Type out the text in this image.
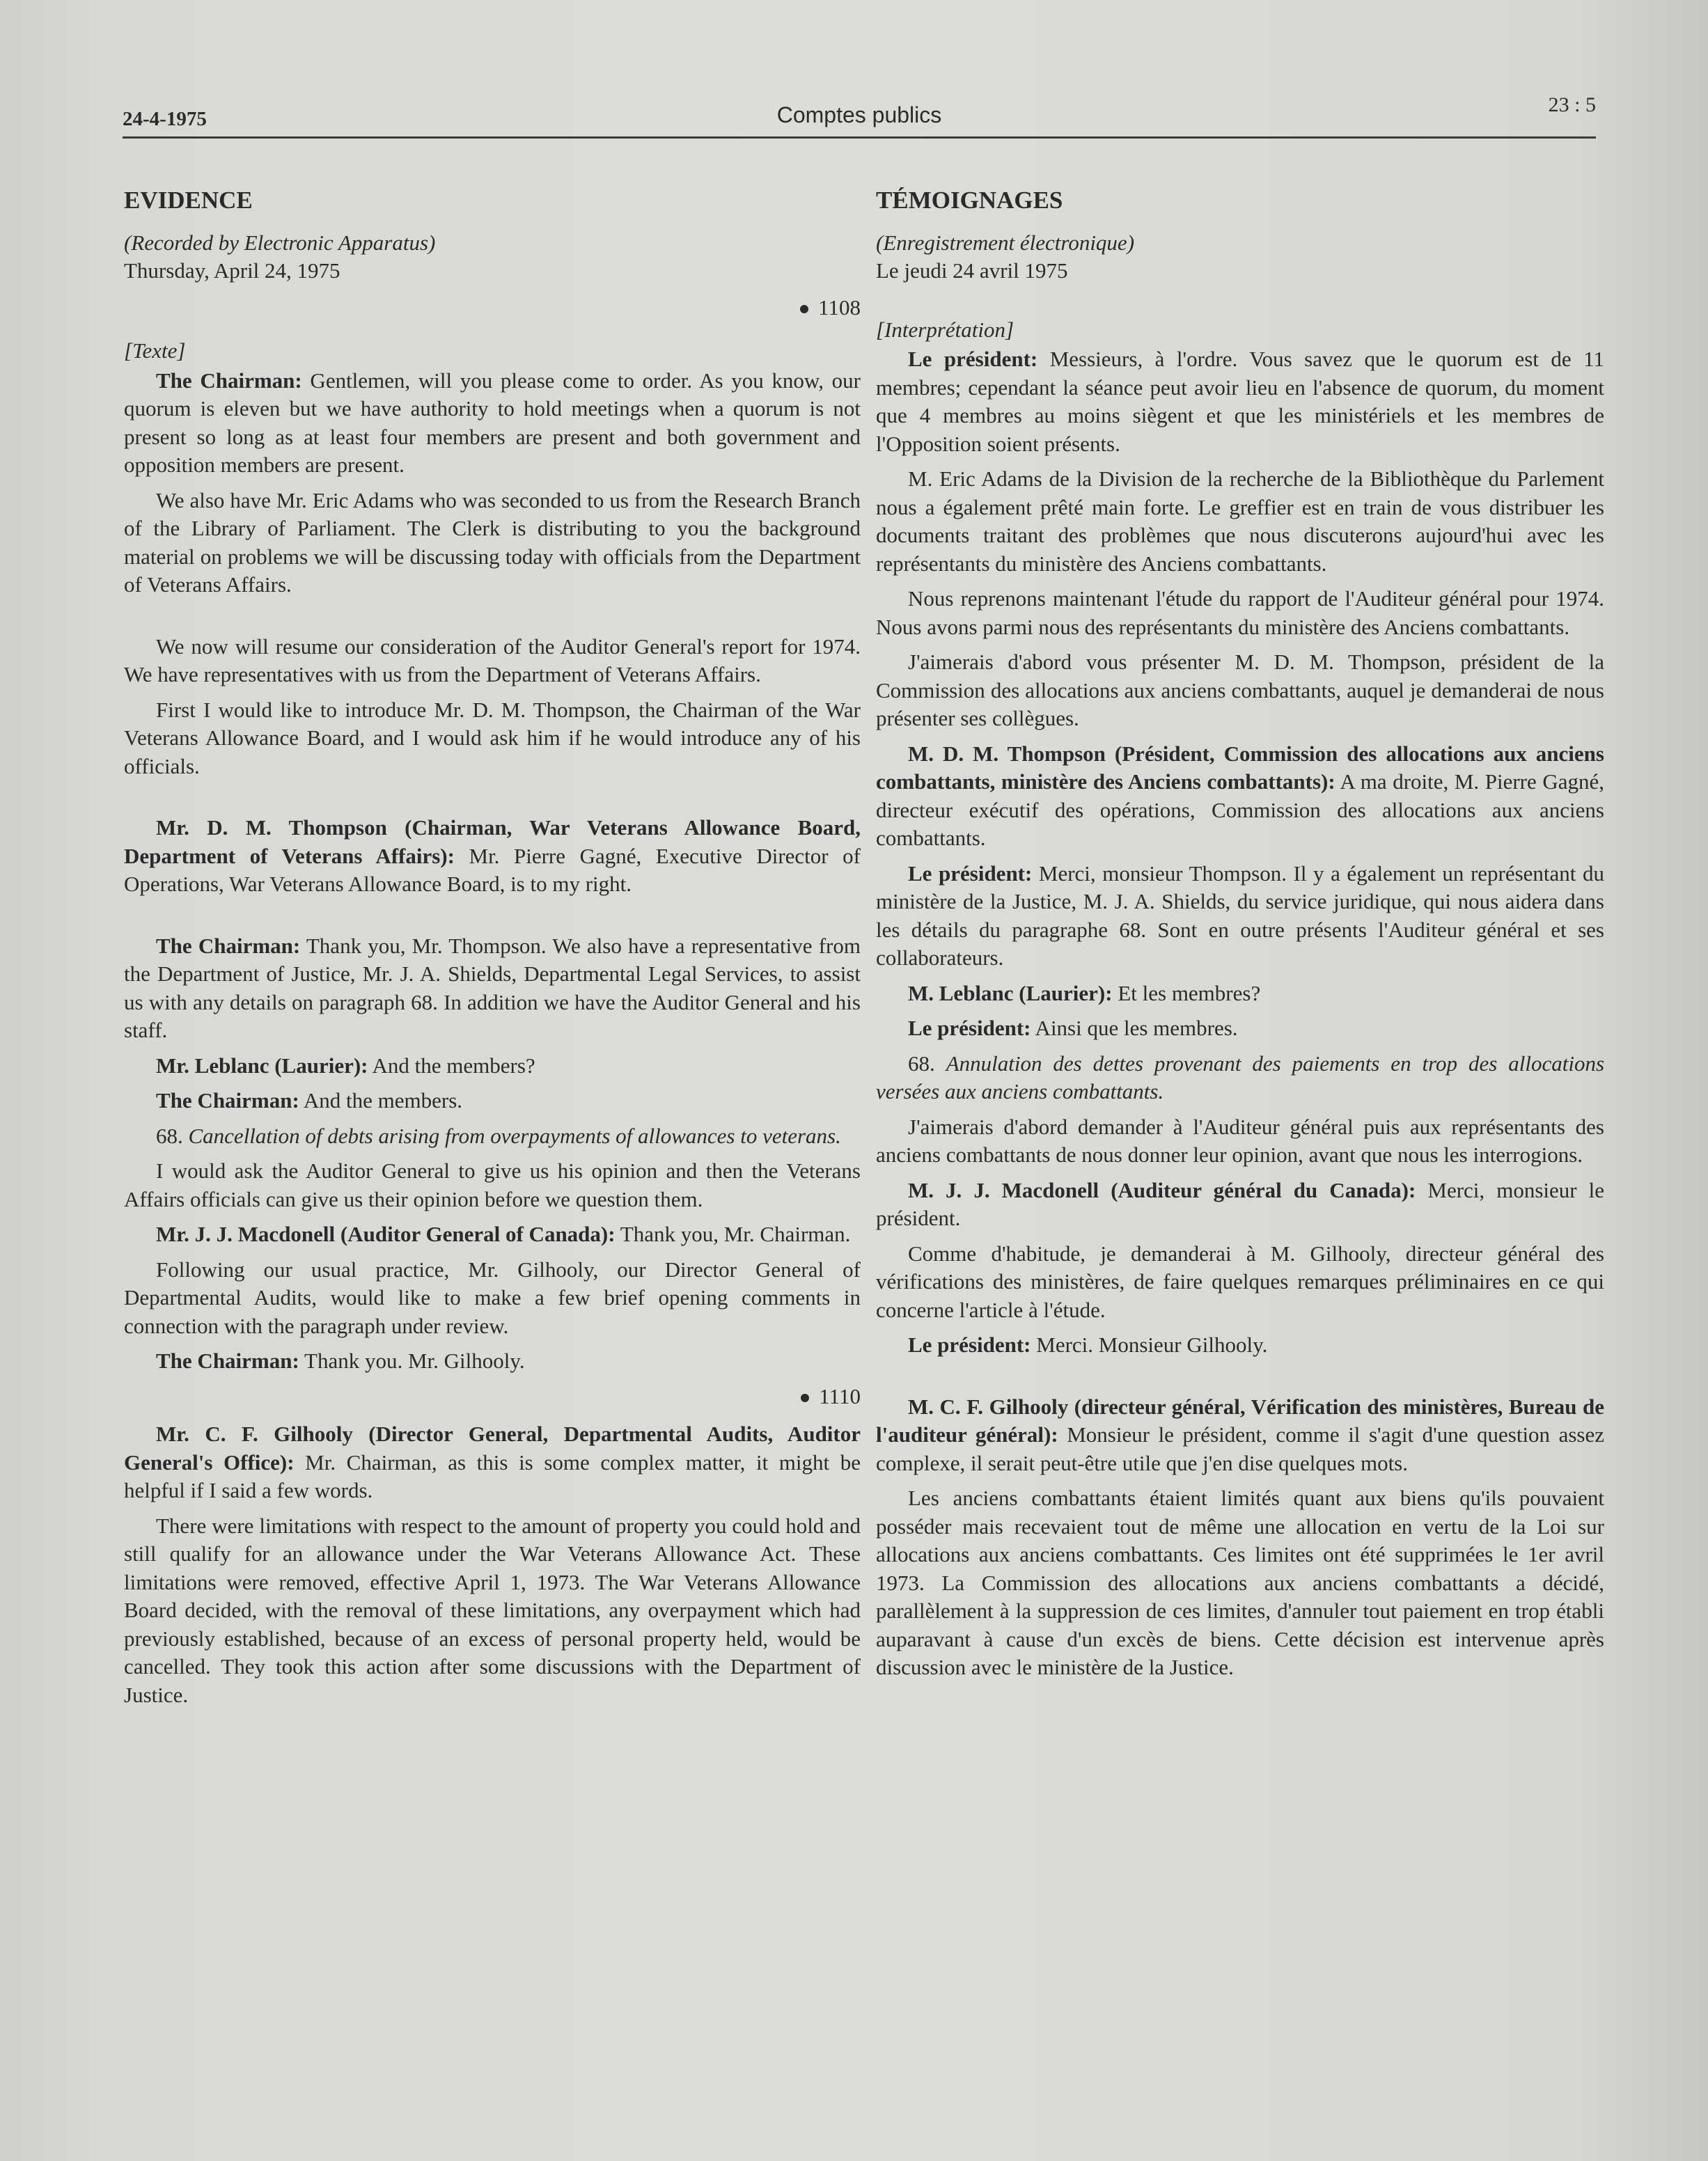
24-4-1975	Comptes publics	23 : 5
EVIDENCE
(Recorded by Electronic Apparatus)
Thursday, April 24, 1975
1108
[Texte]

The Chairman: Gentlemen, will you please come to order. As you know, our quorum is eleven but we have authority to hold meetings when a quorum is not present so long as at least four members are present and both government and opposition members are present.

We also have Mr. Eric Adams who was seconded to us from the Research Branch of the Library of Parliament. The Clerk is distributing to you the background material on problems we will be discussing today with officials from the Department of Veterans Affairs.

We now will resume our consideration of the Auditor General's report for 1974. We have representatives with us from the Department of Veterans Affairs.

First I would like to introduce Mr. D. M. Thompson, the Chairman of the War Veterans Allowance Board, and I would ask him if he would introduce any of his officials.

Mr. D. M. Thompson (Chairman, War Veterans Allowance Board, Department of Veterans Affairs): Mr. Pierre Gagné, Executive Director of Operations, War Veterans Allowance Board, is to my right.

The Chairman: Thank you, Mr. Thompson. We also have a representative from the Department of Justice, Mr. J. A. Shields, Departmental Legal Services, to assist us with any details on paragraph 68. In addition we have the Auditor General and his staff.

Mr. Leblanc (Laurier): And the members?

The Chairman: And the members.

68. Cancellation of debts arising from overpayments of allowances to veterans.

I would ask the Auditor General to give us his opinion and then the Veterans Affairs officials can give us their opinion before we question them.

Mr. J. J. Macdonell (Auditor General of Canada): Thank you, Mr. Chairman.

Following our usual practice, Mr. Gilhooly, our Director General of Departmental Audits, would like to make a few brief opening comments in connection with the paragraph under review.

The Chairman: Thank you. Mr. Gilhooly.

1110

Mr. C. F. Gilhooly (Director General, Departmental Audits, Auditor General's Office): Mr. Chairman, as this is some complex matter, it might be helpful if I said a few words.

There were limitations with respect to the amount of property you could hold and still qualify for an allowance under the War Veterans Allowance Act. These limitations were removed, effective April 1, 1973. The War Veterans Allowance Board decided, with the removal of these limitations, any overpayment which had previously established, because of an excess of personal property held, would be cancelled. They took this action after some discussions with the Department of Justice.

TÉMOIGNAGES
(Enregistrement électronique)
Le jeudi 24 avril 1975
[Interprétation]

Le président: Messieurs, à l'ordre. Vous savez que le quorum est de 11 membres; cependant la séance peut avoir lieu en l'absence de quorum, du moment que 4 membres au moins siègent et que les ministériels et les membres de l'Opposition soient présents.

M. Eric Adams de la Division de la recherche de la Bibliothèque du Parlement nous a également prêté main forte. Le greffier est en train de vous distribuer les documents traitant des problèmes que nous discuterons aujourd'hui avec les représentants du ministère des Anciens combattants.

Nous reprenons maintenant l'étude du rapport de l'Auditeur général pour 1974. Nous avons parmi nous des représentants du ministère des Anciens combattants.

J'aimerais d'abord vous présenter M. D. M. Thompson, président de la Commission des allocations aux anciens combattants, auquel je demanderai de nous présenter ses collègues.

M. D. M. Thompson (Président, Commission des allocations aux anciens combattants, ministère des Anciens combattants): A ma droite, M. Pierre Gagné, directeur exécutif des opérations, Commission des allocations aux anciens combattants.

Le président: Merci, monsieur Thompson. Il y a également un représentant du ministère de la Justice, M. J. A. Shields, du service juridique, qui nous aidera dans les détails du paragraphe 68. Sont en outre présents l'Auditeur général et ses collaborateurs.

M. Leblanc (Laurier): Et les membres?

Le président: Ainsi que les membres.

68. Annulation des dettes provenant des paiements en trop des allocations versées aux anciens combattants.

J'aimerais d'abord demander à l'Auditeur général puis aux représentants des anciens combattants de nous donner leur opinion, avant que nous les interrogions.

M. J. J. Macdonell (Auditeur général du Canada): Merci, monsieur le président.

Comme d'habitude, je demanderai à M. Gilhooly, directeur général des vérifications des ministères, de faire quelques remarques préliminaires en ce qui concerne l'article à l'étude.

Le président: Merci. Monsieur Gilhooly.

M. C. F. Gilhooly (directeur général, Vérification des ministères, Bureau de l'auditeur général): Monsieur le président, comme il s'agit d'une question assez complexe, il serait peut-être utile que j'en dise quelques mots.

Les anciens combattants étaient limités quant aux biens qu'ils pouvaient posséder mais recevaient tout de même une allocation en vertu de la Loi sur allocations aux anciens combattants. Ces limites ont été supprimées le 1er avril 1973. La Commission des allocations aux anciens combattants a décidé, parallèlement à la suppression de ces limites, d'annuler tout paiement en trop établi auparavant à cause d'un excès de biens. Cette décision est intervenue après discussion avec le ministère de la Justice.
